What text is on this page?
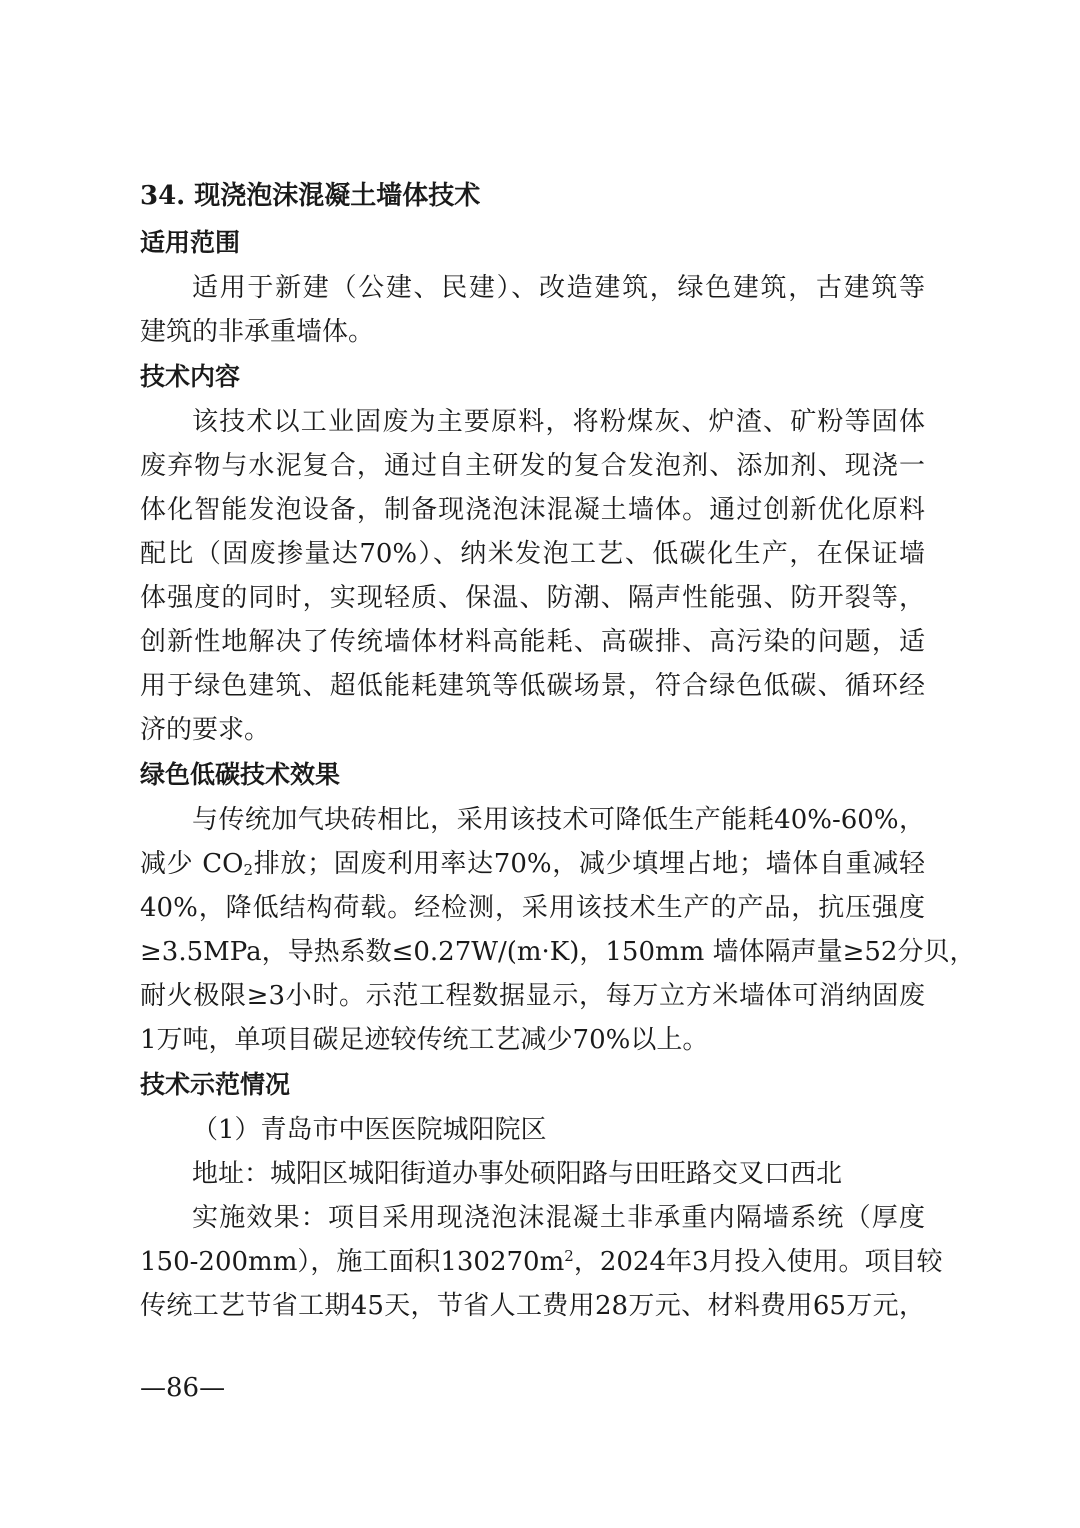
34. 现浇泡沫混凝土墙体技术
适用范围
适用于新建（公建、民建）、改造建筑，绿色建筑，古建筑等
建筑的非承重墙体。
技术内容
该技术以工业固废为主要原料，将粉煤灰、炉渣、矿粉等固体
废弃物与水泥复合，通过自主研发的复合发泡剂、添加剂、现浇一
体化智能发泡设备，制备现浇泡沫混凝土墙体。通过创新优化原料
配比（固废掺量达70%）、纳米发泡工艺、低碳化生产，在保证墙
体强度的同时，实现轻质、保温、防潮、隔声性能强、防开裂等，
创新性地解决了传统墙体材料高能耗、高碳排、高污染的问题，适
用于绿色建筑、超低能耗建筑等低碳场景，符合绿色低碳、循环经
济的要求。
绿色低碳技术效果
与传统加气块砖相比，采用该技术可降低生产能耗40%-60%，
减少 $CO_2$排放；固废利用率达70%，减少填埋占地；墙体自重减轻
40%，降低结构荷载。经检测，采用该技术生产的产品，抗压强度
≥3.5MPa，导热系数≤0.27W/(m·K)，150mm 墙体隔声量≥52分贝，
耐火极限≥3小时。示范工程数据显示，每万立方米墙体可消纳固废
1万吨，单项目碳足迹较传统工艺减少70%以上。
技术示范情况
（1）青岛市中医医院城阳院区
地址：城阳区城阳街道办事处硕阳路与田旺路交叉口西北
实施效果：项目采用现浇泡沫混凝土非承重内隔墙系统（厚度
150-200mm），施工面积$130270m^2$，2024年3月投入使用。项目较
传统工艺节省工期45天，节省人工费用28万元、材料费用65万元，
—86—
